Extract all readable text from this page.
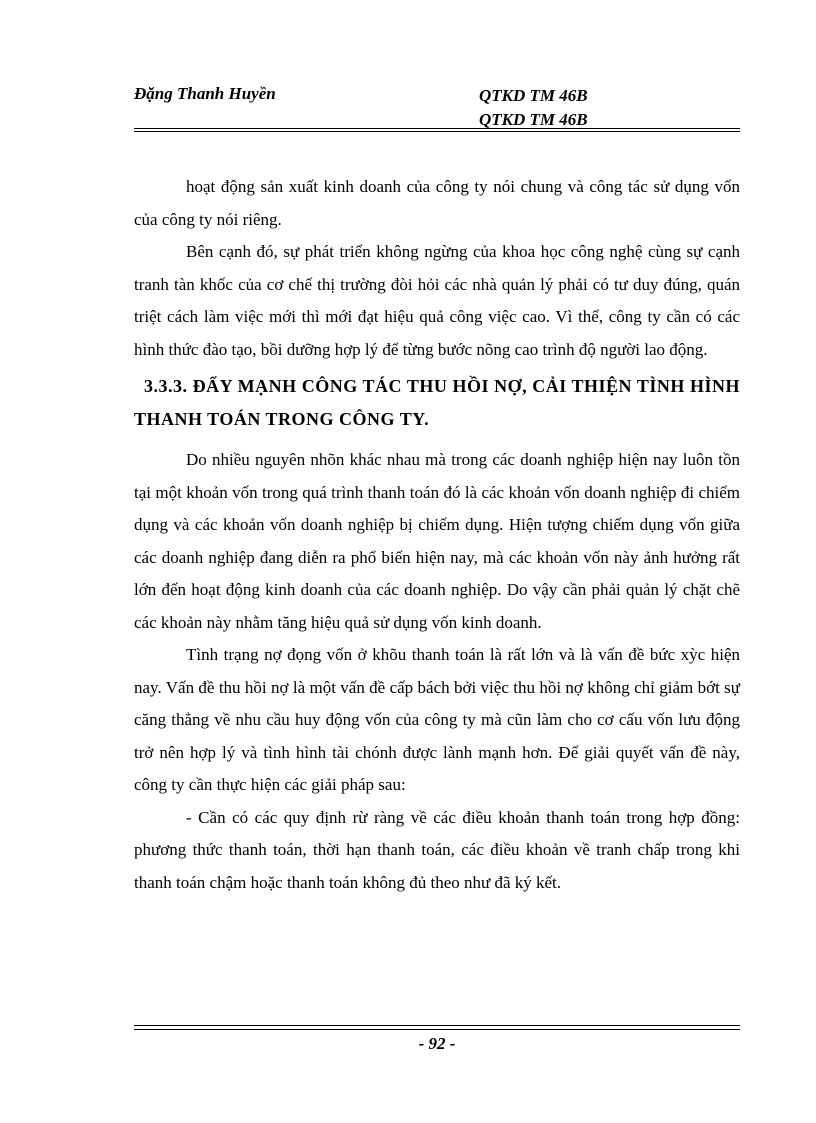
Đặng Thanh Huyền	QTKD TM 46B
QTKD TM 46B

hoạt động sản xuất kinh doanh của công ty nói chung và công tác sử dụng vốn của công ty nói riêng.

Bên cạnh đó, sự phát triển không ngừng của khoa học công nghệ cùng sự cạnh tranh tàn khốc của cơ chế thị trường đòi hỏi các nhà quản lý phải có tư duy đúng, quán triệt cách làm việc mới thì mới đạt hiệu quả công việc cao. Vì thế, công ty cần có các hình thức đào tạo, bồi dưỡng hợp lý để từng bước nõng cao trình độ người lao động.

3.3.3. ĐẨY MẠNH CÔNG TÁC THU HỒI NỢ, CẢI THIỆN TÌNH HÌNH THANH TOÁN TRONG CÔNG TY.

Do nhiều nguyên nhõn khác nhau mà trong các doanh nghiệp hiện nay luôn tồn tại một khoản vốn trong quá trình thanh toán đó là các khoản vốn doanh nghiệp đi chiếm dụng và các khoản vốn doanh nghiệp bị chiếm dụng. Hiện tượng chiếm dụng vốn giữa các doanh nghiệp đang diễn ra phổ biến hiện nay, mà các khoản vốn này ảnh hưởng rất lớn đến hoạt động kinh doanh của các doanh nghiệp. Do vậy cần phải quản lý chặt chẽ các khoản này nhằm tăng hiệu quả sử dụng vốn kinh doanh.

Tình trạng nợ đọng vốn ở khõu thanh toán là rất lớn và là vấn đề bức xỳc hiện nay. Vấn đề thu hồi nợ là một vấn đề cấp bách bởi việc thu hồi nợ không chỉ giảm bớt sự căng thẳng về nhu cầu huy động vốn của công ty mà cũn làm cho cơ cấu vốn lưu động trở nên hợp lý và tình hình tài chónh được lành mạnh hơn. Để giải quyết vấn đề này, công ty cần thực hiện các giải pháp sau:

- Cần có các quy định rừ ràng về các điều khoản thanh toán trong hợp đồng: phương thức thanh toán, thời hạn thanh toán, các điều khoản về tranh chấp trong khi thanh toán chậm hoặc thanh toán không đủ theo như đã ký kết.

- 92 -
